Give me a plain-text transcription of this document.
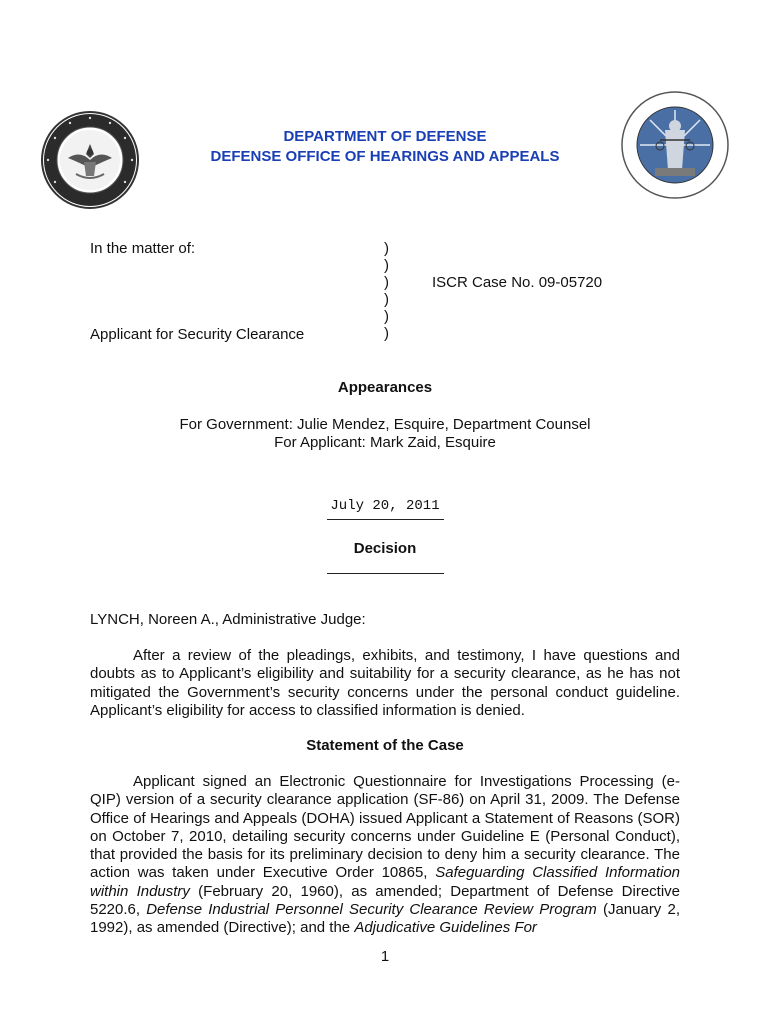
DEPARTMENT OF DEFENSE
DEFENSE OFFICE OF HEARINGS AND APPEALS
In the matter of:
Applicant for Security Clearance
ISCR Case No. 09-05720
)
)
)
)
)
)
Appearances
For Government: Julie Mendez, Esquire, Department Counsel
For Applicant: Mark Zaid, Esquire
July 20, 2011
Decision
LYNCH, Noreen A., Administrative Judge:
After a review of the pleadings, exhibits, and testimony, I have questions and doubts as to Applicant’s eligibility and suitability for a security clearance, as he has not mitigated the Government’s security concerns under the personal conduct guideline. Applicant’s eligibility for access to classified information is denied.
Statement of the Case
Applicant signed an Electronic Questionnaire for Investigations Processing (e-QIP) version of a security clearance application (SF-86) on April 31, 2009. The Defense Office of Hearings and Appeals (DOHA) issued Applicant a Statement of Reasons (SOR) on October 7, 2010, detailing security concerns under Guideline E (Personal Conduct), that provided the basis for its preliminary decision to deny him a security clearance. The action was taken under Executive Order 10865, Safeguarding Classified Information within Industry (February 20, 1960), as amended; Department of Defense Directive 5220.6, Defense Industrial Personnel Security Clearance Review Program (January 2, 1992), as amended (Directive); and the Adjudicative Guidelines For
1
